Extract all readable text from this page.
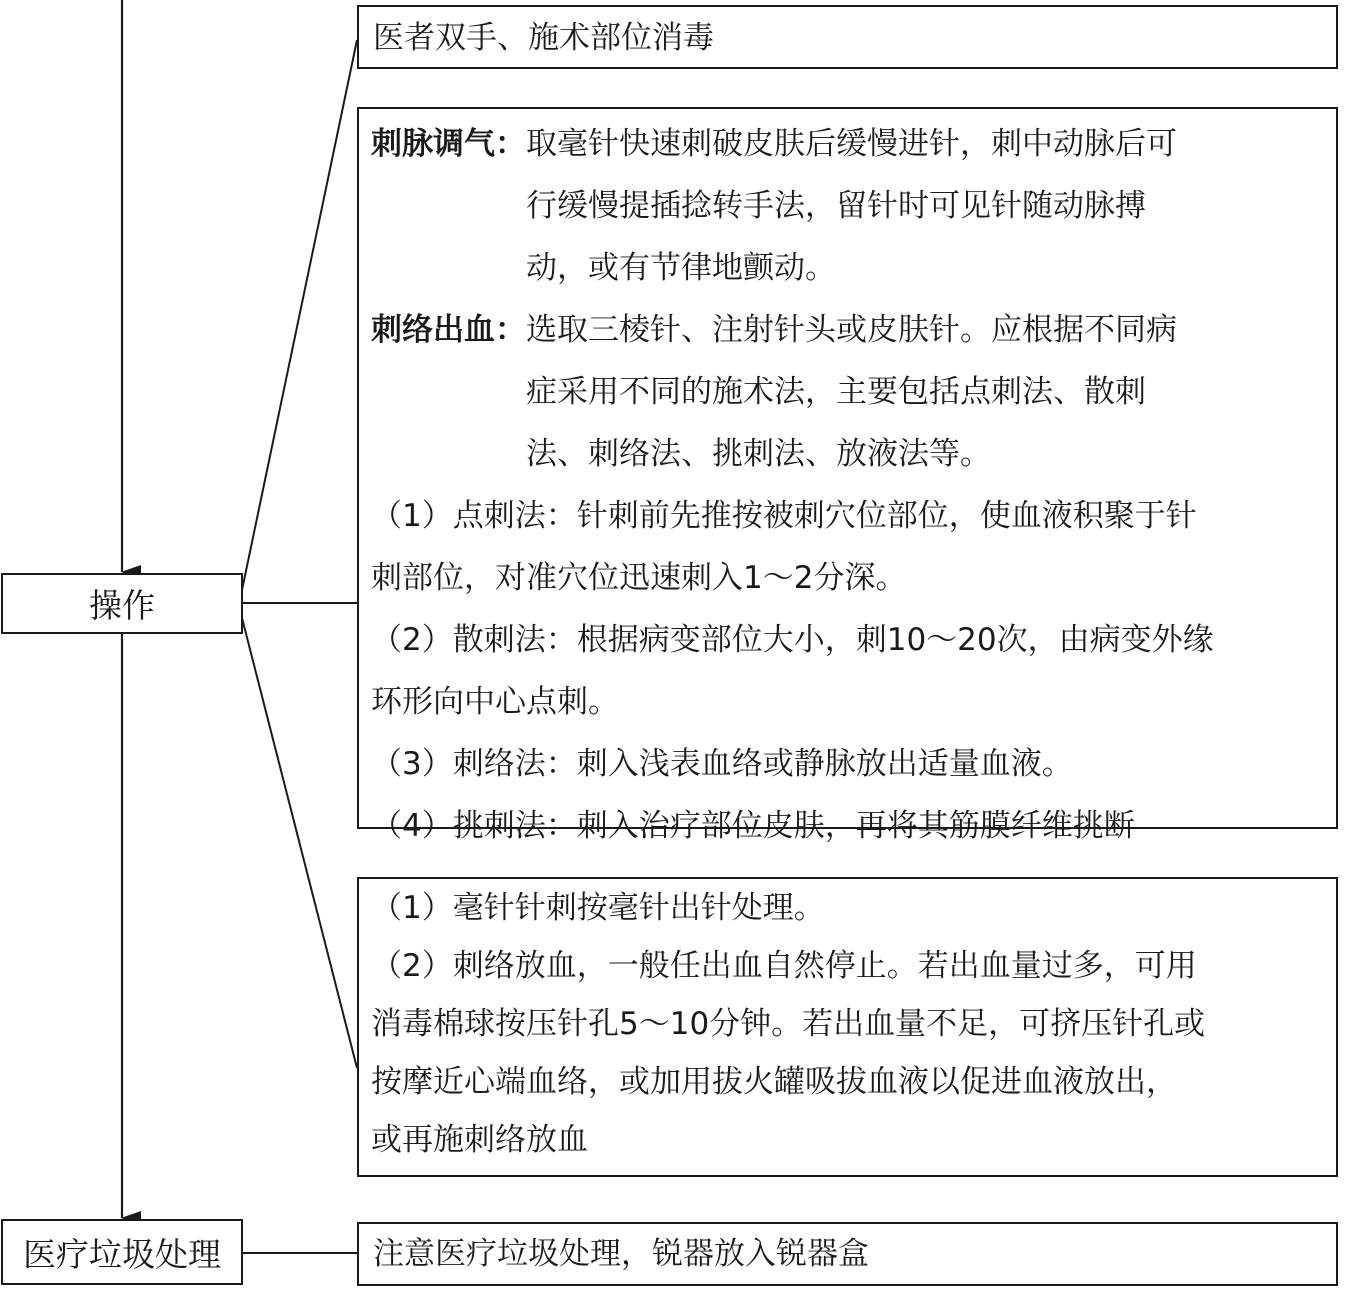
操作
医疗垃圾处理
医者双手、施术部位消毒
刺脉调气： 取毫针快速刺破皮肤后缓慢进针，刺中动脉后可
行缓慢提插捻转手法，留针时可见针随动脉搏
动，或有节律地颤动。
刺络出血： 选取三棱针、注射针头或皮肤针。应根据不同病
症采用不同的施术法，主要包括点刺法、散刺
法、刺络法、挑刺法、放液法等。
（1）点刺法：针刺前先推按被刺穴位部位，使血液积聚于针
刺部位，对准穴位迅速刺入1～2分深。
（2）散刺法：根据病变部位大小，刺10～20次，由病变外缘
环形向中心点刺。
（3）刺络法：刺入浅表血络或静脉放出适量血液。
（4）挑刺法：刺入治疗部位皮肤，再将其筋膜纤维挑断
（1）毫针针刺按毫针出针处理。
（2）刺络放血，一般任出血自然停止。若出血量过多，可用
消毒棉球按压针孔5～10分钟。若出血量不足，可挤压针孔或
按摩近心端血络，或加用拔火罐吸拔血液以促进血液放出，
或再施刺络放血
注意医疗垃圾处理，锐器放入锐器盒
